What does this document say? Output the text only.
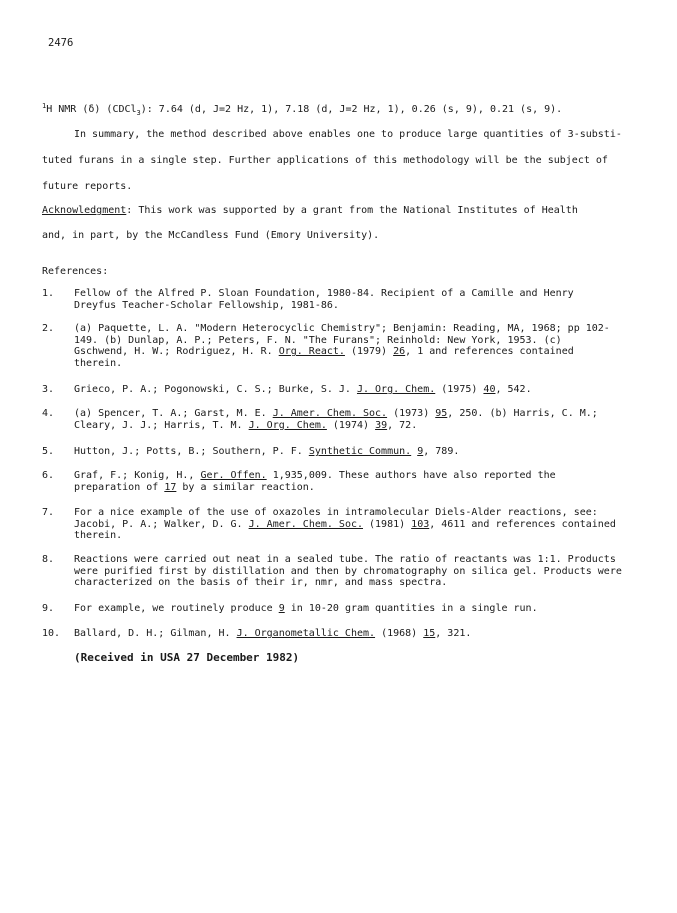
2476
$^1$H NMR (δ) (CDCl$_3$): 7.64 (d, J=2 Hz, 1), 7.18 (d, J=2 Hz, 1), 0.26 (s, 9), 0.21 (s, 9).
In summary, the method described above enables one to produce large quantities of 3-substi-
tuted furans in a single step. Further applications of this methodology will be the subject of
future reports.
Acknowledgment: This work was supported by a grant from the National Institutes of Health
and, in part, by the McCandless Fund (Emory University).
References:
1. Fellow of the Alfred P. Sloan Foundation, 1980-84. Recipient of a Camille and Henry
Dreyfus Teacher-Scholar Fellowship, 1981-86.
2. (a) Paquette, L. A. "Modern Heterocyclic Chemistry"; Benjamin: Reading, MA, 1968; pp 102-
149. (b) Dunlap, A. P.; Peters, F. N. "The Furans"; Reinhold: New York, 1953. (c)
Gschwend, H. W.; Rodriguez, H. R. Org. React. (1979) 26, 1 and references contained
therein.
3. Grieco, P. A.; Pogonowski, C. S.; Burke, S. J. J. Org. Chem. (1975) 40, 542.
4. (a) Spencer, T. A.; Garst, M. E. J. Amer. Chem. Soc. (1973) 95, 250. (b) Harris, C. M.;
Cleary, J. J.; Harris, T. M. J. Org. Chem. (1974) 39, 72.
5. Hutton, J.; Potts, B.; Southern, P. F. Synthetic Commun. 9, 789.
6. Graf, F.; Konig, H., Ger. Offen. 1,935,009. These authors have also reported the
preparation of 17 by a similar reaction.
7. For a nice example of the use of oxazoles in intramolecular Diels-Alder reactions, see:
Jacobi, P. A.; Walker, D. G. J. Amer. Chem. Soc. (1981) 103, 4611 and references contained
therein.
8. Reactions were carried out neat in a sealed tube. The ratio of reactants was 1:1. Products
were purified first by distillation and then by chromatography on silica gel. Products were
characterized on the basis of their ir, nmr, and mass spectra.
9. For example, we routinely produce 9 in 10-20 gram quantities in a single run.
10. Ballard, D. H.; Gilman, H. J. Organometallic Chem. (1968) 15, 321.
(Received in USA 27 December 1982)
